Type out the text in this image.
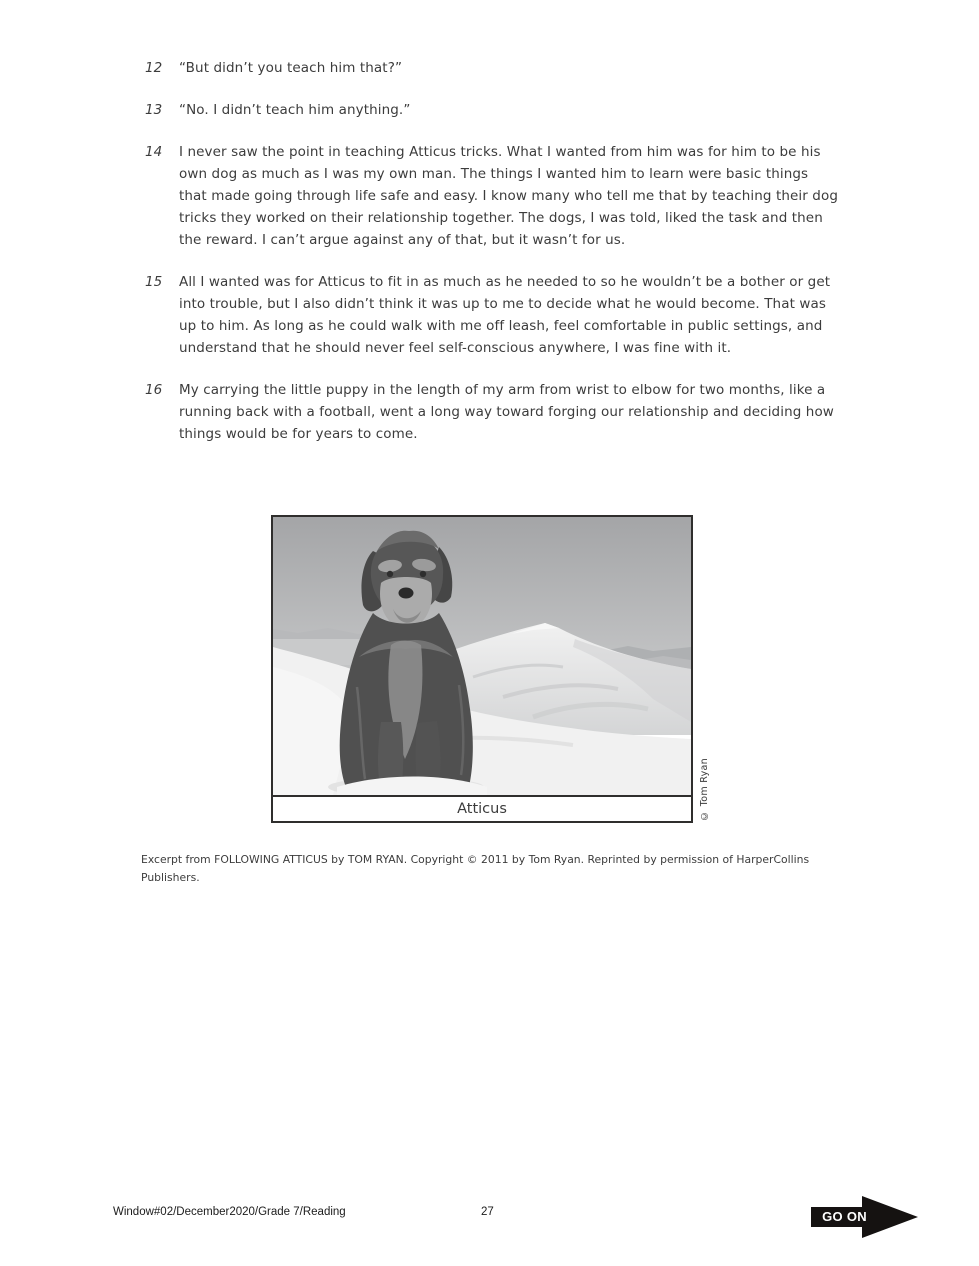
12	“But didn’t you teach him that?”

13	“No. I didn’t teach him anything.”

14	I never saw the point in teaching Atticus tricks. What I wanted from him was for him to be his own dog as much as I was my own man. The things I wanted him to learn were basic things that made going through life safe and easy. I know many who tell me that by teaching their dog tricks they worked on their relationship together. The dogs, I was told, liked the task and then the reward. I can’t argue against any of that, but it wasn’t for us.

15	All I wanted was for Atticus to fit in as much as he needed to so he wouldn’t be a bother or get into trouble, but I also didn’t think it was up to me to decide what he would become. That was up to him. As long as he could walk with me off leash, feel comfortable in public settings, and understand that he should never feel self-conscious anywhere, I was fine with it.

16	My carrying the little puppy in the length of my arm from wrist to elbow for two months, like a running back with a football, went a long way toward forging our relationship and deciding how things would be for years to come.

Atticus	© Tom Ryan

Excerpt from FOLLOWING ATTICUS by TOM RYAN. Copyright © 2011 by Tom Ryan. Reprinted by permission of HarperCollins Publishers.

Window#02/December2020/Grade 7/Reading	27	GO ON
